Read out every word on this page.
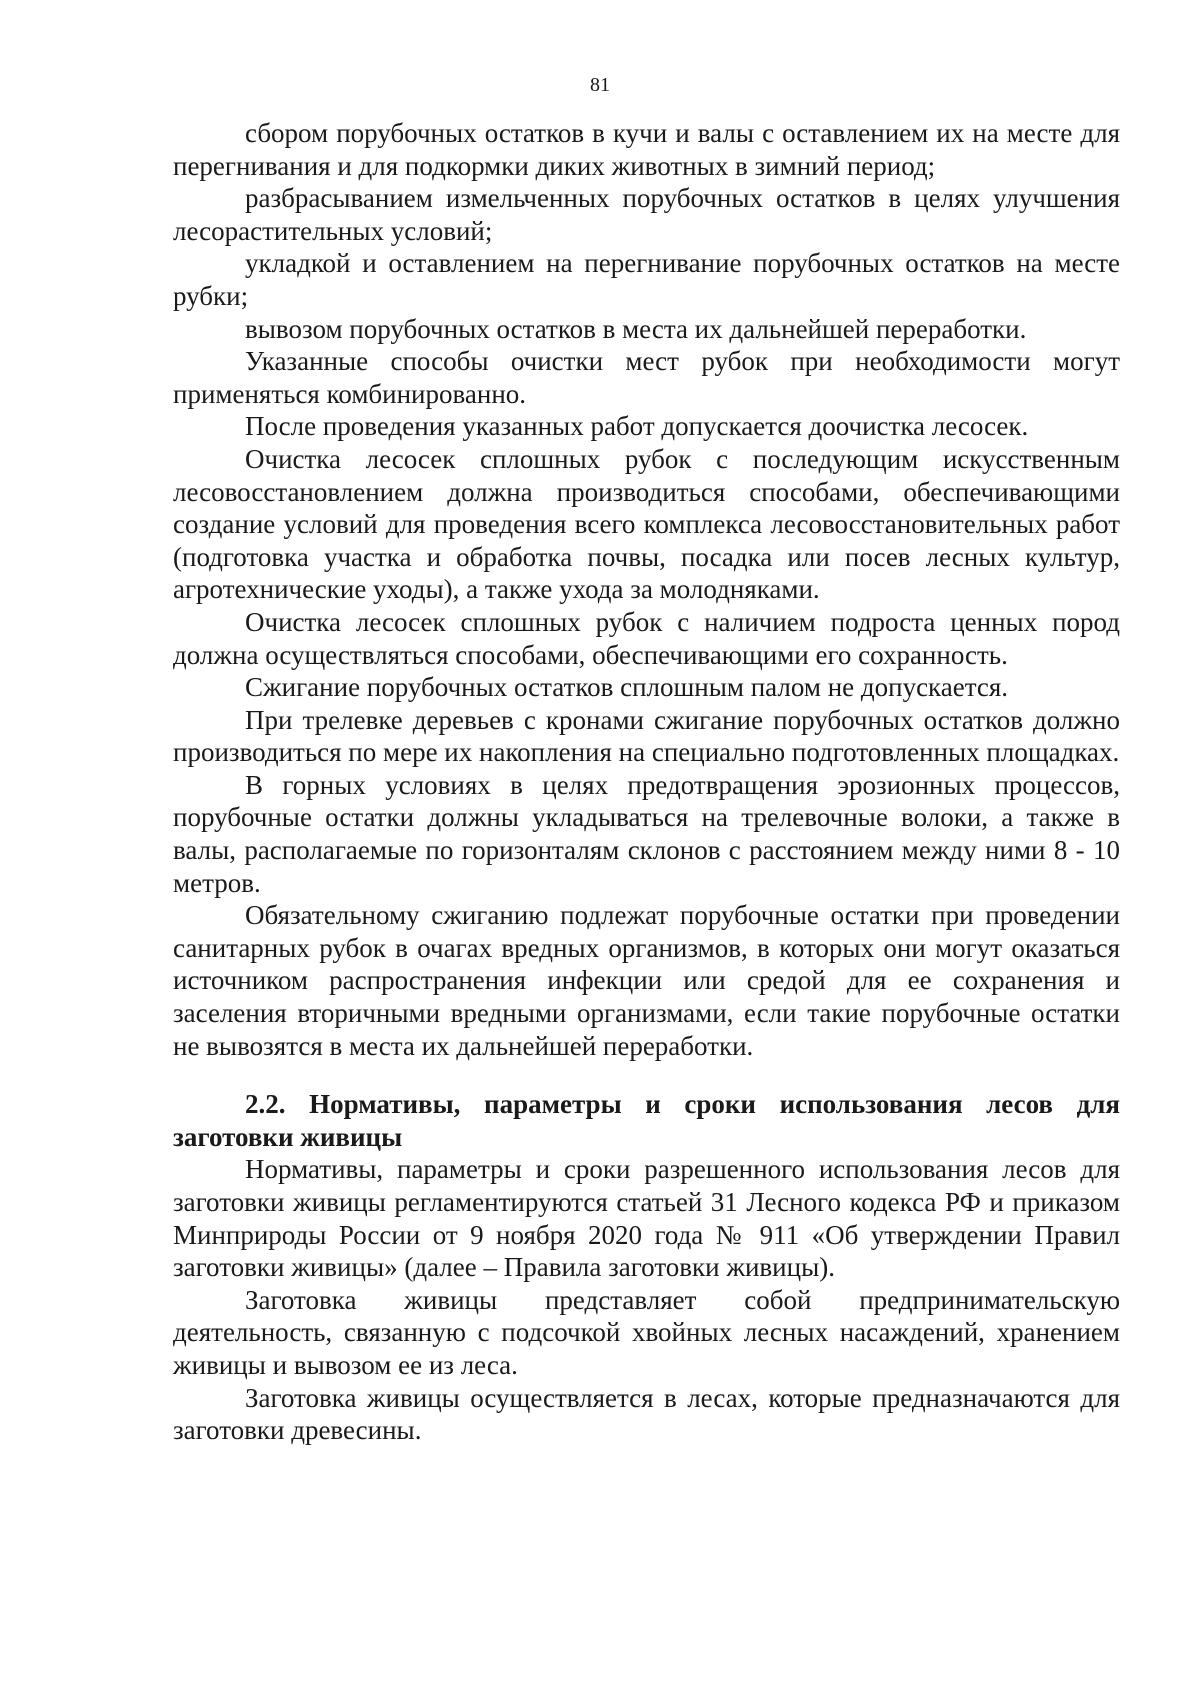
81

сбором порубочных остатков в кучи и валы с оставлением их на месте для перегнивания и для подкормки диких животных в зимний период;

разбрасыванием измельченных порубочных остатков в целях улучшения лесорастительных условий;

укладкой и оставлением на перегнивание порубочных остатков на месте рубки;

вывозом порубочных остатков в места их дальнейшей переработки.

Указанные способы очистки мест рубок при необходимости могут применяться комбинированно.

После проведения указанных работ допускается доочистка лесосек.

Очистка лесосек сплошных рубок с последующим искусственным лесовосстановлением должна производиться способами, обеспечивающими создание условий для проведения всего комплекса лесовосстановительных работ (подготовка участка и обработка почвы, посадка или посев лесных культур, агротехнические уходы), а также ухода за молодняками.

Очистка лесосек сплошных рубок с наличием подроста ценных пород должна осуществляться способами, обеспечивающими его сохранность.

Сжигание порубочных остатков сплошным палом не допускается.

При трелевке деревьев с кронами сжигание порубочных остатков должно производиться по мере их накопления на специально подготовленных площадках.

В горных условиях в целях предотвращения эрозионных процессов, порубочные остатки должны укладываться на трелевочные волоки, а также в валы, располагаемые по горизонталям склонов с расстоянием между ними 8 - 10 метров.

Обязательному сжиганию подлежат порубочные остатки при проведении санитарных рубок в очагах вредных организмов, в которых они могут оказаться источником распространения инфекции или средой для ее сохранения и заселения вторичными вредными организмами, если такие порубочные остатки не вывозятся в места их дальнейшей переработки.

2.2. Нормативы, параметры и сроки использования лесов для заготовки живицы

Нормативы, параметры и сроки разрешенного использования лесов для заготовки живицы регламентируются статьей 31 Лесного кодекса РФ и приказом Минприроды России от 9 ноября 2020 года № 911 «Об утверждении Правил заготовки живицы» (далее – Правила заготовки живицы).

Заготовка живицы представляет собой предпринимательскую деятельность, связанную с подсочкой хвойных лесных насаждений, хранением живицы и вывозом ее из леса.

Заготовка живицы осуществляется в лесах, которые предназначаются для заготовки древесины.
